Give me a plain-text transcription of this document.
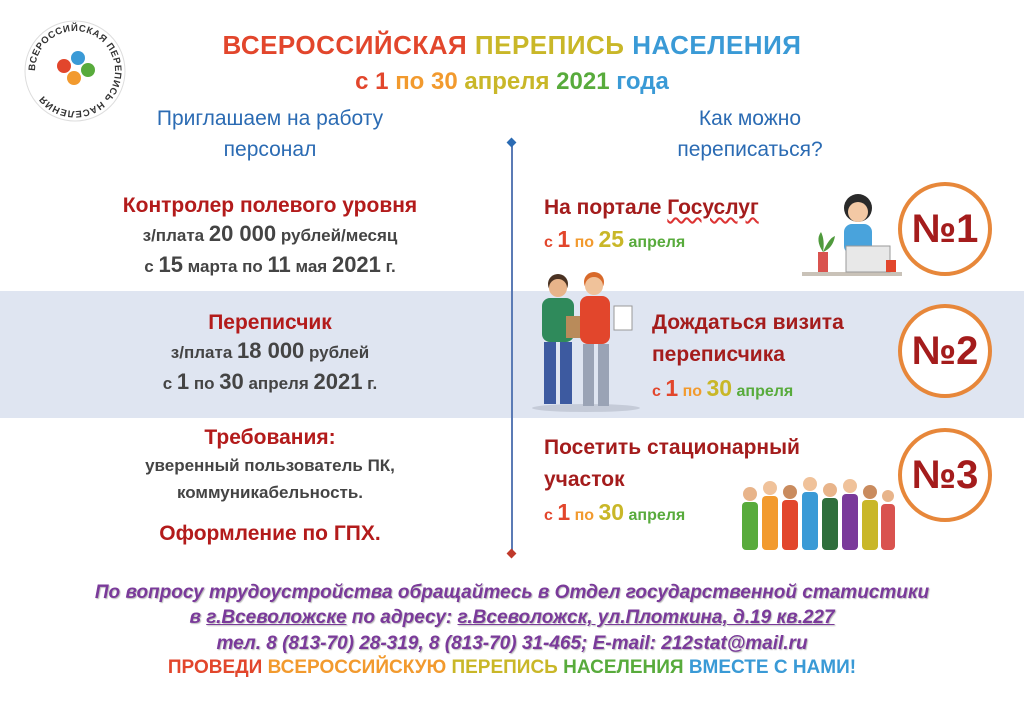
ВСЕРОССИЙСКАЯ ПЕРЕПИСЬ НАСЕЛЕНИЯ
ВСЕРОССИЙСКАЯ ПЕРЕПИСЬ НАСЕЛЕНИЯ
с 1 по 30 апреля 2021 года
Приглашаем на работу
персонал
Контролер полевого уровня
з/плата 20 000 рублей/месяц
с 15 марта по 11 мая 2021 г.
Переписчик
з/плата 18 000 рублей
с 1 по 30 апреля 2021 г.
Требования:
уверенный пользователь ПК,
коммуникабельность.
Оформление по ГПХ.
Как можно
переписаться?
На портале Госуслуг
с 1 по 25 апреля	№1
Дождаться визита
переписчика
с 1 по 30 апреля
№2
Посетить стационарный
участок
с 1 по 30 апреля
№3
По вопросу трудоустройства обращайтесь в Отдел государственной статистики
в г.Всеволожске по адресу: г.Всеволожск, ул.Плоткина, д.19 кв.227
тел. 8 (813-70) 28-319, 8 (813-70) 31-465; E-mail: 212stat@mail.ru
ПРОВЕДИ ВСЕРОССИЙСКУЮ ПЕРЕПИСЬ НАСЕЛЕНИЯ ВМЕСТЕ С НАМИ!
